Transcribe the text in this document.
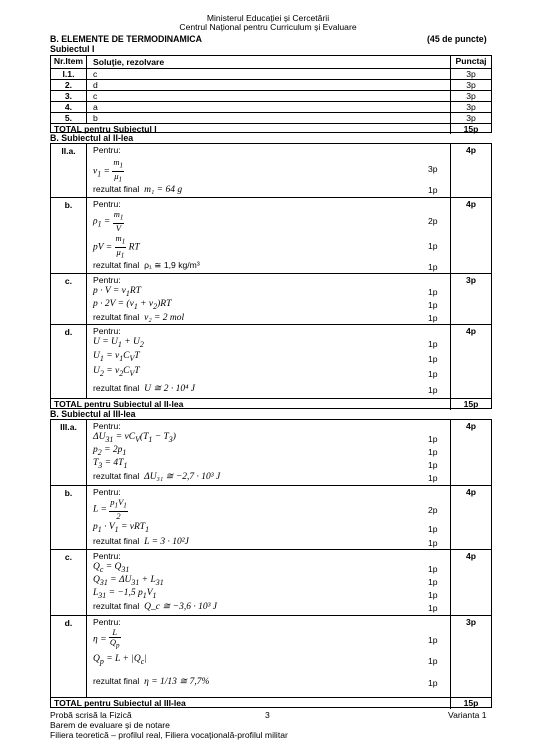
Ministerul Educației și Cercetării
Centrul Național pentru Curriculum și Evaluare
B. ELEMENTE DE TERMODINAMICA	(45 de puncte)
Subiectul I
Nr.Item	Soluţie, rezolvare	Punctaj
I.1.	c	3p
2.	d	3p
3.	c	3p
4.	a	3p
5.	b	3p
TOTAL pentru Subiectul I	15p
B. Subiectul al II-lea
II.a.	Pentru:
$\nu_1 = \frac{m_1}{\mu_1}$	3p
rezultat final m₁ = 64 g	1p
4p
b.	Pentru:
$\rho_1 = \frac{m_1}{V}$	2p
pV = $\frac{m_1}{\mu_1}$ RT	1p
rezultat final ρ₁ ≅ 1,9 kg/m³	1p
4p
c.	Pentru:
$p \cdot V = \nu_1RT$	1p
$p \cdot 2V = (\nu_1 + \nu_2)RT$	1p
rezultat final ν₂ = 2 mol	1p
3p
d.	Pentru:
$U = U_1 + U_2$	1p
$U_1 = \nu_1C_VT$	1p
$U_2 = \nu_2C_VT$	1p
rezultat final U ≅ 2 · 10⁴ J	1p
4p
TOTAL pentru Subiectul al II-lea	15p
B. Subiectul al III-lea
III.a.	Pentru:
$\Delta U_{31} = \nu C_V(T_1 - T_3)$	1p
$p_2 = 2p_1$	1p
$T_3 = 4T_1$	1p
rezultat final ΔU₃₁ ≅ −2,7 · 10³ J	1p
4p
b.	Pentru:
$L = \frac{p_1V_1}{2}$	2p
$p_1 \cdot V_1 = \nu RT_1$	1p
rezultat final L = 3 · 10²J	1p
4p
c.	Pentru:
$Q_c = Q_{31}$	1p
$Q_{31} = \Delta U_{31} + L_{31}$	1p
$L_{31} = -1,5$ $p_1V_1$	1p
rezultat final Q_c ≅ −3,6 · 10³ J	1p
4p
d.	Pentru:
$\eta = \frac{L}{Q_p}$	1p
$Q_p = L + |Q_c|$	1p
rezultat final η = 1/13 ≅ 7,7%	1p
3p
TOTAL pentru Subiectul al III-lea	15p
Probă scrisă la Fizică	3	Varianta 1
Barem de evaluare și de notare
Filiera teoretică – profilul real, Filiera vocațională-profilul militar
